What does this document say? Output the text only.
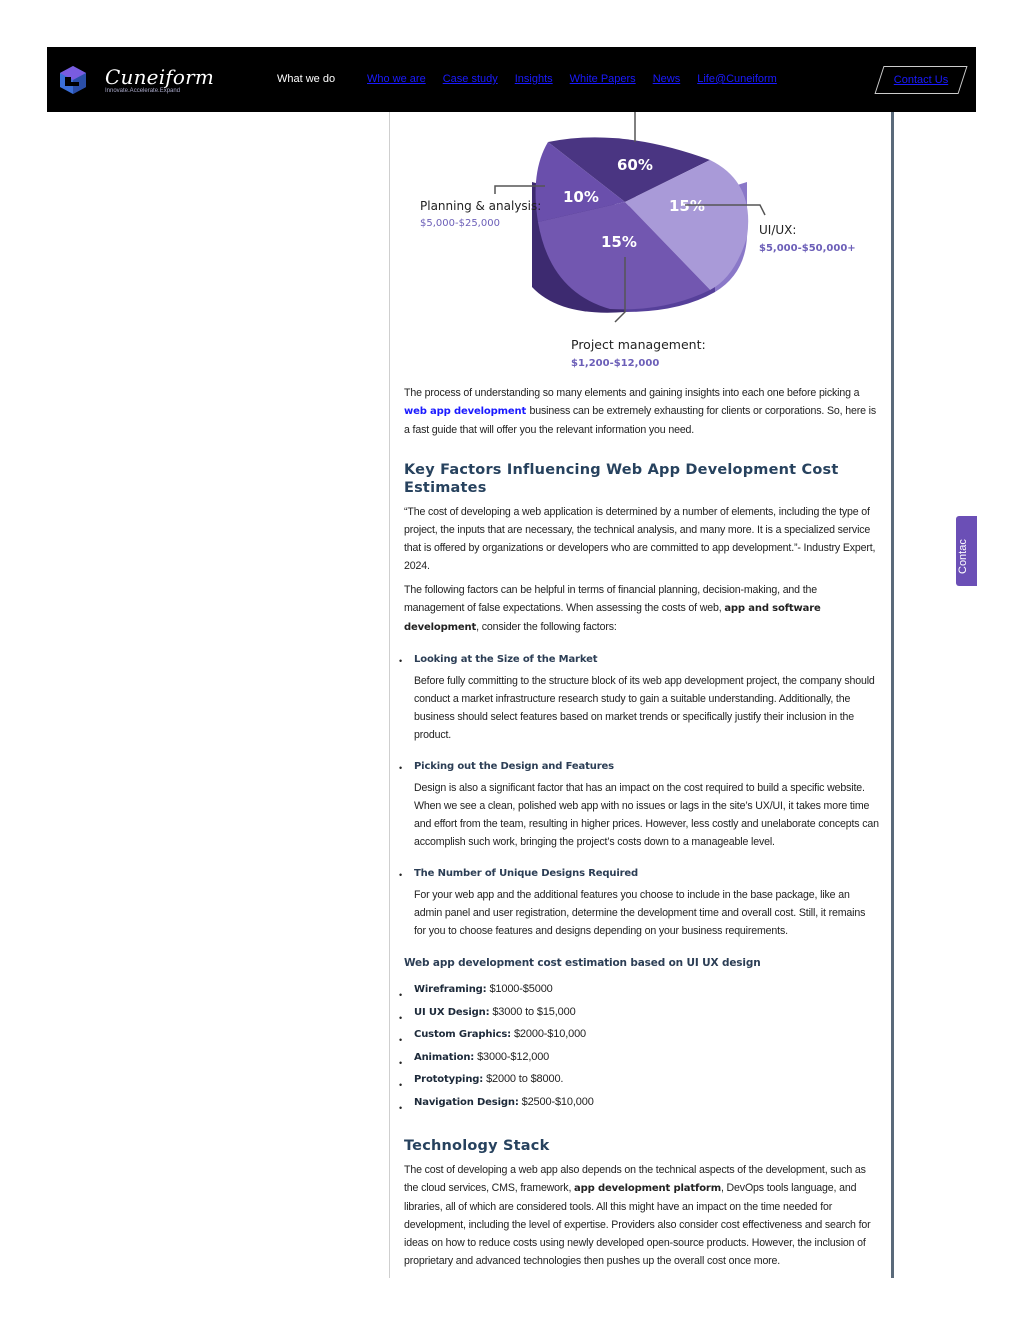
Cuneiform
Innovate.Accelerate.Expand
What we do	Who we are Case study Insights White Papers News Life@Cuneiform	Contact Us
Contac
60%
10%	15%
15%
Planning & analysis:
$5,000-$25,000	UI/UX:
$5,000-$50,000+
Project management:
$1,200-$12,000

The process of understanding so many elements and gaining insights into each one before picking a web app development business can be extremely exhausting for clients or corporations. So, here is a fast guide that will offer you the relevant information you need.

Key Factors Influencing Web App Development Cost Estimates

“The cost of developing a web application is determined by a number of elements, including the type of project, the inputs that are necessary, the technical analysis, and many more. It is a specialized service that is offered by organizations or developers who are committed to app development.”- Industry Expert, 2024.

The following factors can be helpful in terms of financial planning, decision-making, and the management of false expectations. When assessing the costs of web, app and software development, consider the following factors:

• Looking at the Size of the Market
Before fully committing to the structure block of its web app development project, the company should conduct a market infrastructure research study to gain a suitable understanding. Additionally, the business should select features based on market trends or specifically justify their inclusion in the product.
• Picking out the Design and Features
Design is also a significant factor that has an impact on the cost required to build a specific website. When we see a clean, polished web app with no issues or lags in the site’s UX/UI, it takes more time and effort from the team, resulting in higher prices. However, less costly and unelaborate concepts can accomplish such work, bringing the project’s costs down to a manageable level.
• The Number of Unique Designs Required
For your web app and the additional features you choose to include in the base package, like an admin panel and user registration, determine the development time and overall cost. Still, it remains for you to choose features and designs depending on your business requirements.
Web app development cost estimation based on UI UX design
• Wireframing: $1000-$5000
• UI UX Design: $3000 to $15,000
• Custom Graphics: $2000-$10,000
• Animation: $3000-$12,000
• Prototyping: $2000 to $8000.
• Navigation Design: $2500-$10,000
Technology Stack

The cost of developing a web app also depends on the technical aspects of the development, such as the cloud services, CMS, framework, app development platform, DevOps tools language, and libraries, all of which are considered tools. All this might have an impact on the time needed for development, including the level of expertise. Providers also consider cost effectiveness and search for ideas on how to reduce costs using newly developed open-source products. However, the inclusion of proprietary and advanced technologies then pushes up the overall cost once more.
